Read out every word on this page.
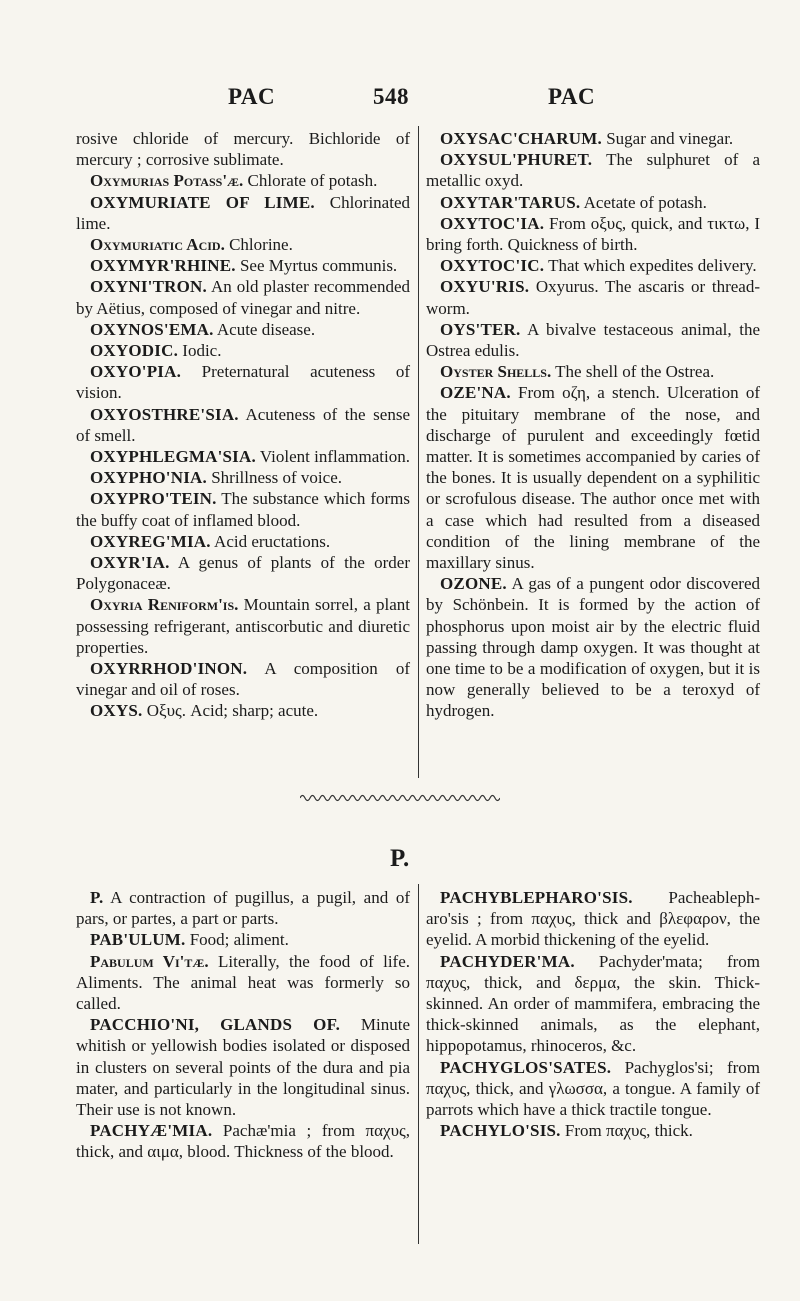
PAC	548	PAC

rosive chloride of mercury. Bichloride of mercury ; corrosive sublimate.

Oxymurias Potass'æ. Chlorate of potash.

OXYMURIATE OF LIME. Chlorinated lime.

Oxymuriatic Acid. Chlorine.

OXYMYR'RHINE. See Myrtus communis.

OXYNI'TRON. An old plaster recommended by Aëtius, composed of vinegar and nitre.

OXYNOS'EMA. Acute disease.

OXYODIC. Iodic.

OXYO'PIA. Preternatural acuteness of vision.

OXYOSTHRE'SIA. Acuteness of the sense of smell.

OXYPHLEGMA'SIA. Violent inflammation.

OXYPHO'NIA. Shrillness of voice.

OXYPRO'TEIN. The substance which forms the buffy coat of inflamed blood.

OXYREG'MIA. Acid eructations.

OXYR'IA. A genus of plants of the order Polygonaceæ.

Oxyria Reniform'is. Mountain sorrel, a plant possessing refrigerant, antiscorbutic and diuretic properties.

OXYRRHOD'INON. A composition of vinegar and oil of roses.

OXYS. Οξυς. Acid; sharp; acute.

OXYSAC'CHARUM. Sugar and vinegar.

OXYSUL'PHURET. The sulphuret of a metallic oxyd.

OXYTAR'TARUS. Acetate of potash.

OXYTOC'IA. From οξυς, quick, and τικτω, I bring forth. Quickness of birth.

OXYTOC'IC. That which expedites delivery.

OXYU'RIS. Oxyurus. The ascaris or thread-worm.

OYS'TER. A bivalve testaceous animal, the Ostrea edulis.

Oyster Shells. The shell of the Ostrea.

OZE'NA. From οζη, a stench. Ulceration of the pituitary membrane of the nose, and discharge of purulent and exceedingly fœtid matter. It is sometimes accompanied by caries of the bones. It is usually dependent on a syphilitic or scrofulous disease. The author once met with a case which had resulted from a diseased condition of the lining membrane of the maxillary sinus.

OZONE. A gas of a pungent odor discovered by Schönbein. It is formed by the action of phosphorus upon moist air by the electric fluid passing through damp oxygen. It was thought at one time to be a modification of oxygen, but it is now generally believed to be a teroxyd of hydrogen.

P.

P. A contraction of pugillus, a pugil, and of pars, or partes, a part or parts.

PAB'ULUM. Food; aliment.

Pabulum Vi'tæ. Literally, the food of life. Aliments. The animal heat was formerly so called.

PACCHIO'NI, GLANDS OF. Minute whitish or yellowish bodies isolated or disposed in clusters on several points of the dura and pia mater, and particularly in the longitudinal sinus. Their use is not known.

PACHYÆ'MIA. Pachæ'mia ; from παχυς, thick, and αιμα, blood. Thickness of the blood.

PACHYBLEPHARO'SIS. Pacheableph-aro'sis ; from παχυς, thick and βλεφαρον, the eyelid. A morbid thickening of the eyelid.

PACHYDER'MA. Pachyder'mata; from παχυς, thick, and δερμα, the skin. Thick-skinned. An order of mammifera, embracing the thick-skinned animals, as the elephant, hippopotamus, rhinoceros, &c.

PACHYGLOS'SATES. Pachyglos'si; from παχυς, thick, and γλωσσα, a tongue. A family of parrots which have a thick tractile tongue.

PACHYLO'SIS. From παχυς, thick.
